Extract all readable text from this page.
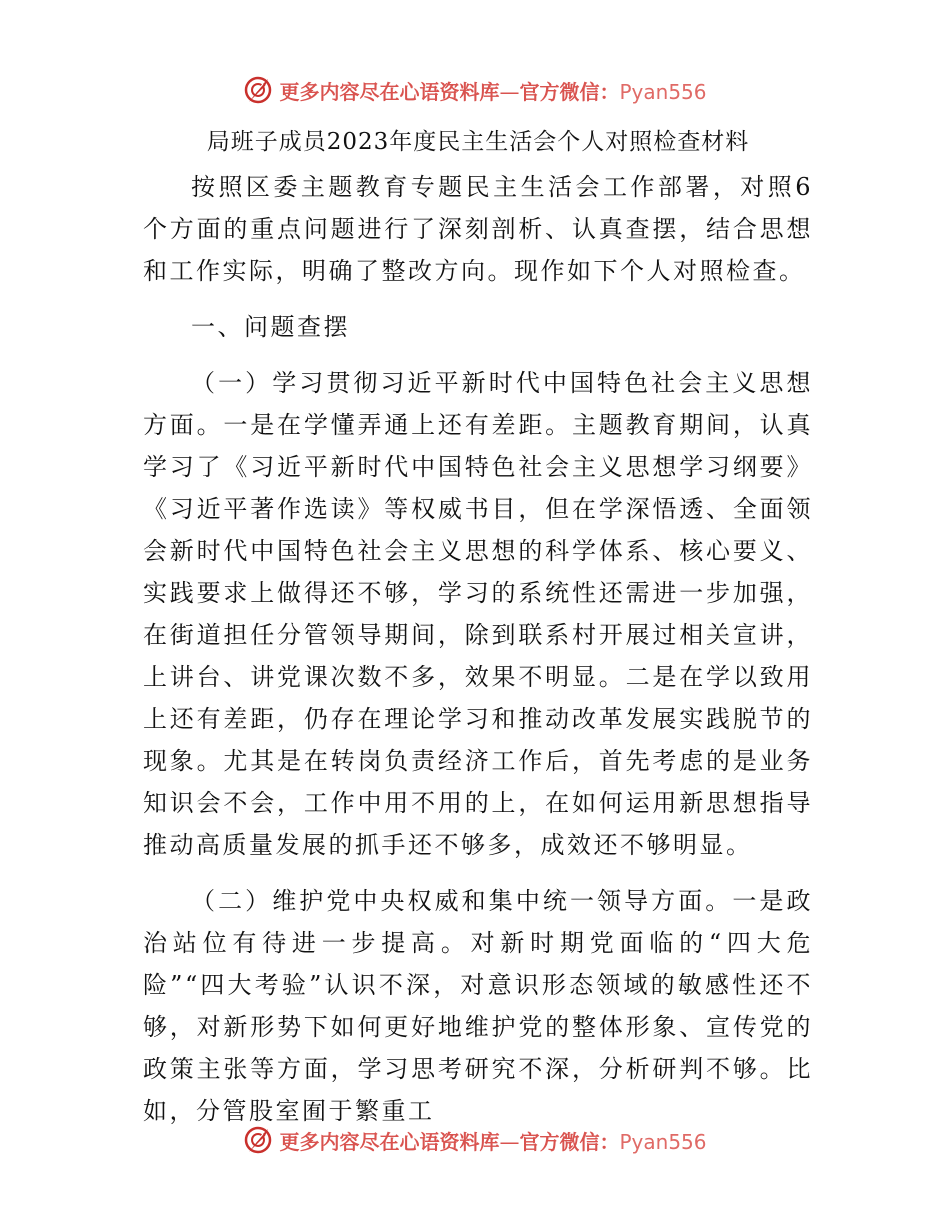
更多内容尽在心语资料库—官方微信：Pyan556
局班子成员2023年度民主生活会个人对照检查材料

按照区委主题教育专题民主生活会工作部署，对照6个方面的重点问题进行了深刻剖析、认真查摆，结合思想和工作实际，明确了整改方向。现作如下个人对照检查。

一、问题查摆

（一）学习贯彻习近平新时代中国特色社会主义思想方面。一是在学懂弄通上还有差距。主题教育期间，认真学习了《习近平新时代中国特色社会主义思想学习纲要》《习近平著作选读》等权威书目，但在学深悟透、全面领会新时代中国特色社会主义思想的科学体系、核心要义、实践要求上做得还不够，学习的系统性还需进一步加强，在街道担任分管领导期间，除到联系村开展过相关宣讲，上讲台、讲党课次数不多，效果不明显。二是在学以致用上还有差距，仍存在理论学习和推动改革发展实践脱节的现象。尤其是在转岗负责经济工作后，首先考虑的是业务知识会不会，工作中用不用的上，在如何运用新思想指导推动高质量发展的抓手还不够多，成效还不够明显。

（二）维护党中央权威和集中统一领导方面。一是政治站位有待进一步提高。对新时期党面临的“四大危险”“四大考验”认识不深，对意识形态领域的敏感性还不够，对新形势下如何更好地维护党的整体形象、宣传党的政策主张等方面，学习思考研究不深，分析研判不够。比如，分管股室囿于繁重工

更多内容尽在心语资料库—官方微信：Pyan556
